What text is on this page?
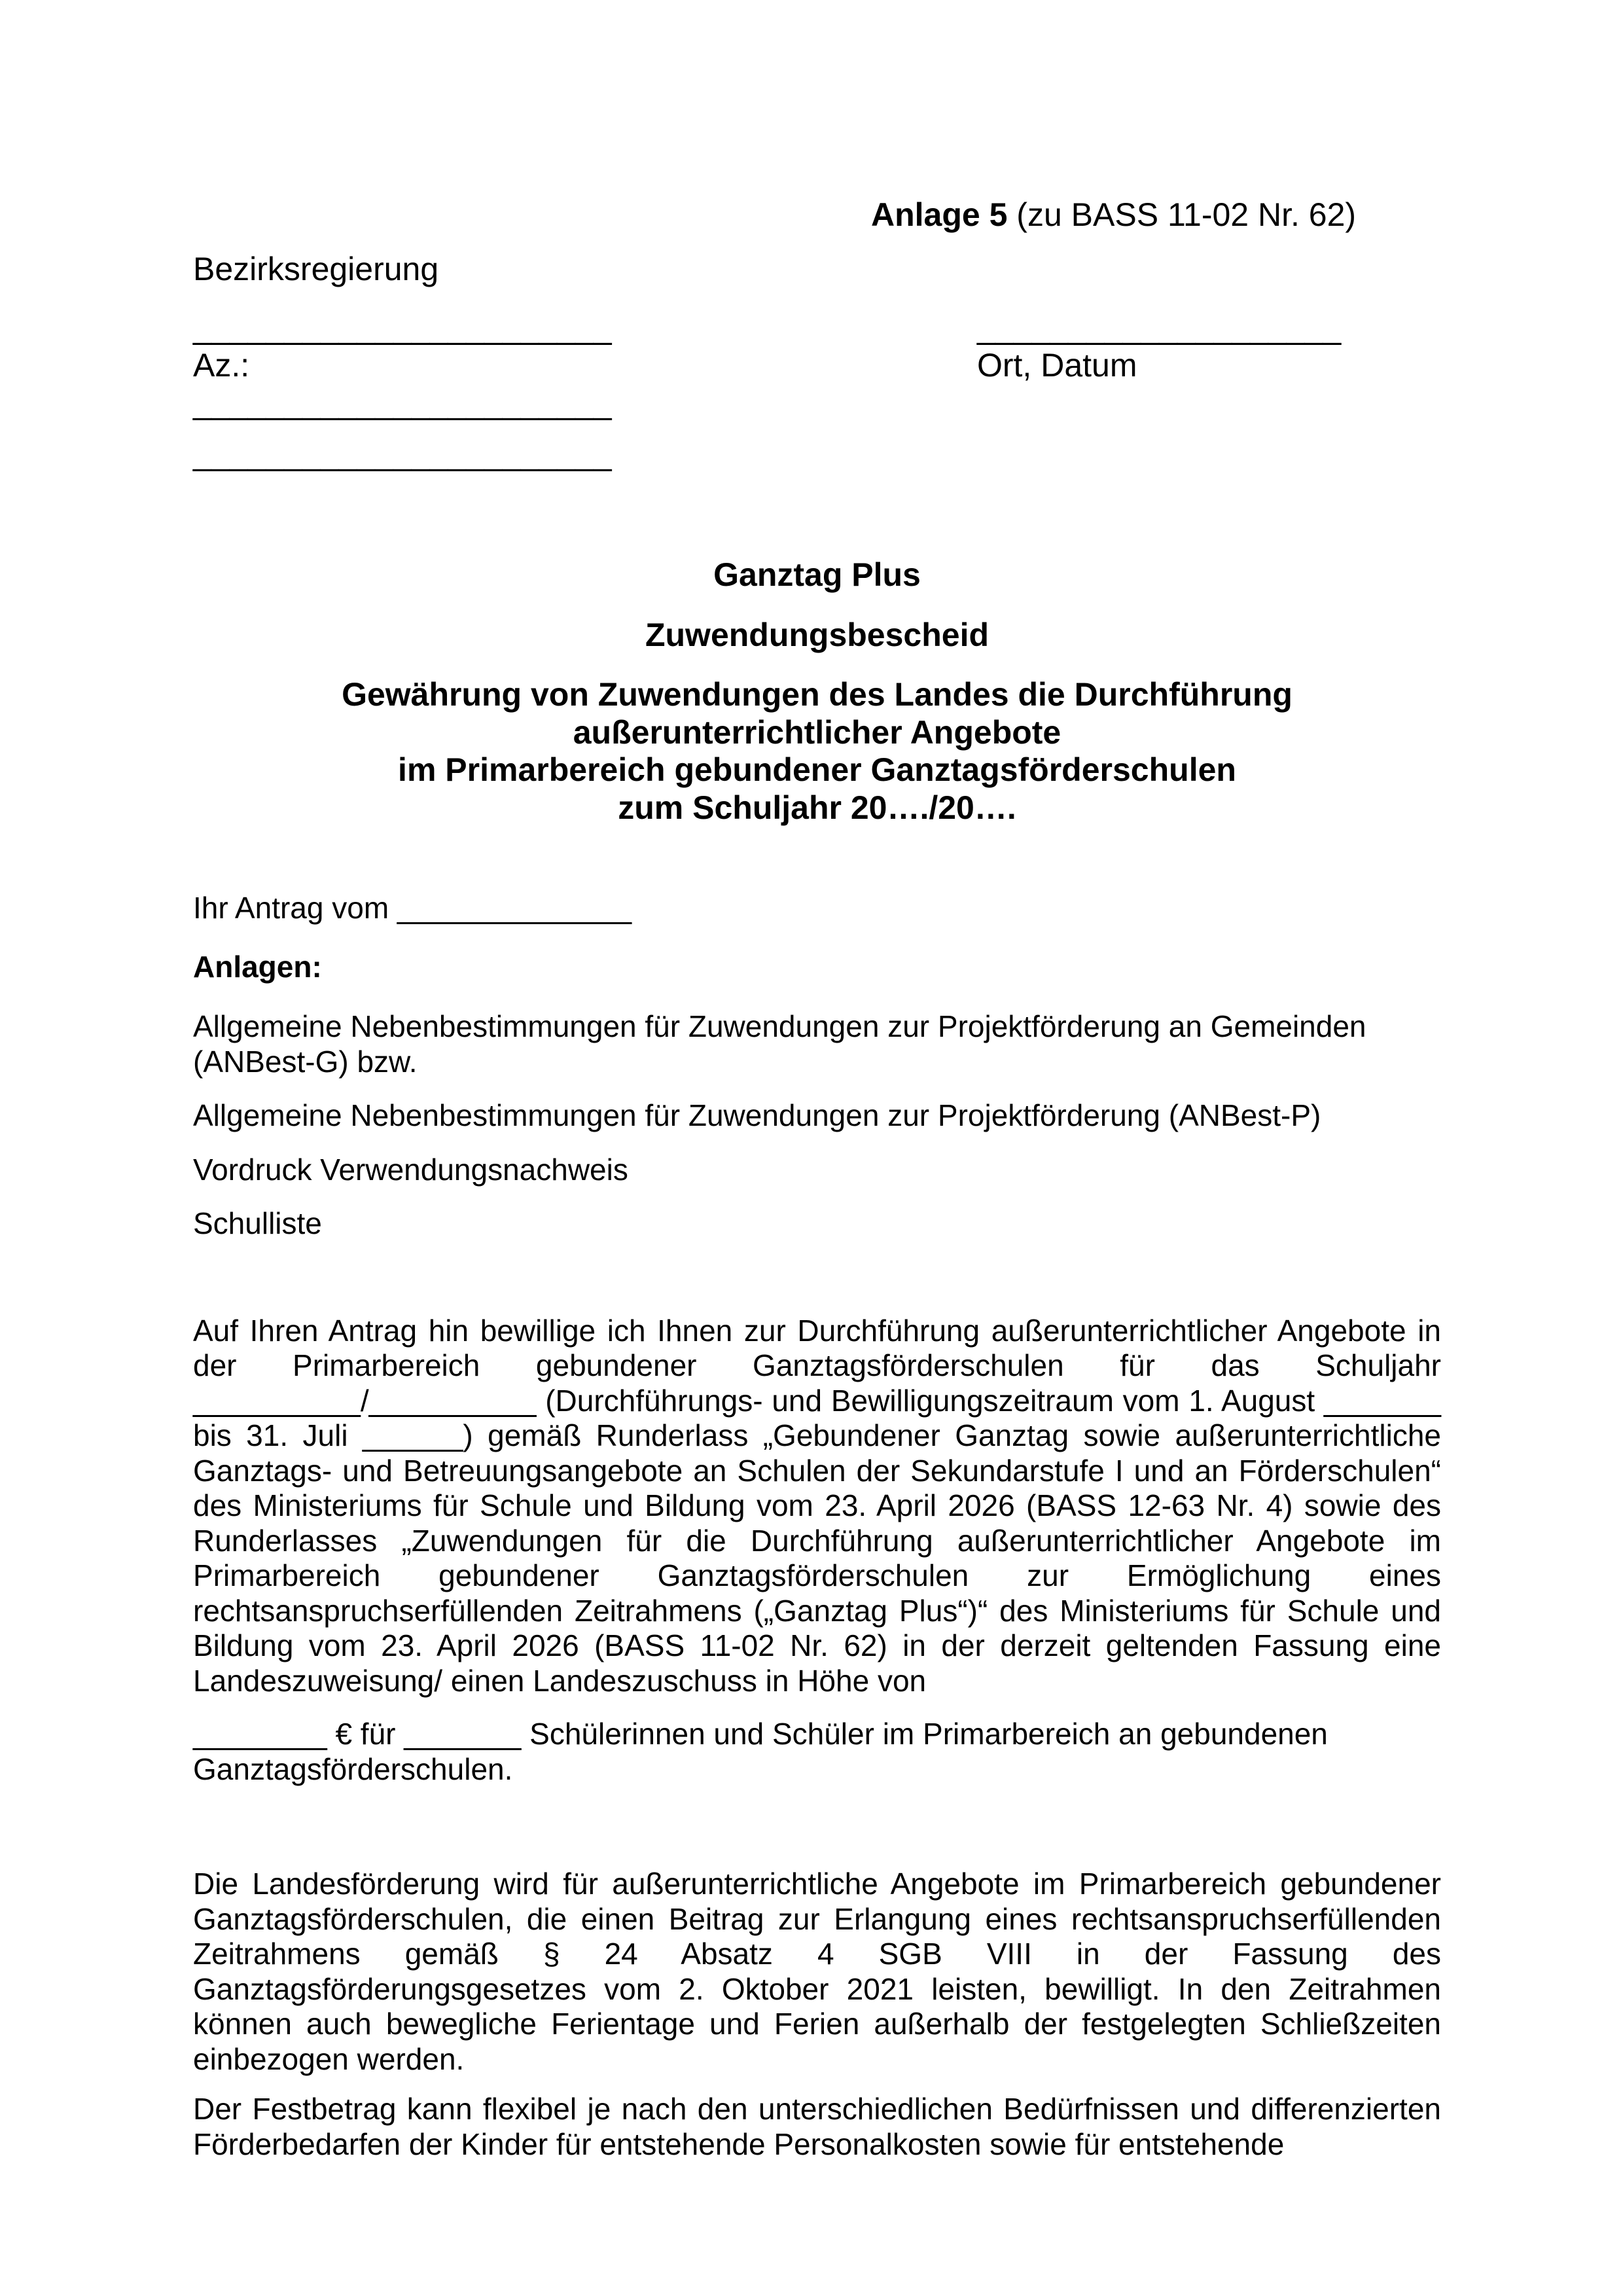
Anlage 5 (zu BASS 11-02 Nr. 62)

Bezirksregierung

_______________________	____________________
Az.:	Ort, Datum
_______________________
_______________________

Ganztag Plus

Zuwendungsbescheid

Gewährung von Zuwendungen des Landes die Durchführung
außerunterrichtlicher Angebote
im Primarbereich gebundener Ganztagsförderschulen
zum Schuljahr 20…./20….

Ihr Antrag vom ______________

Anlagen:

Allgemeine Nebenbestimmungen für Zuwendungen zur Projektförderung an Gemeinden (ANBest-G) bzw.

Allgemeine Nebenbestimmungen für Zuwendungen zur Projektförderung (ANBest-P)

Vordruck Verwendungsnachweis

Schulliste

Auf Ihren Antrag hin bewillige ich Ihnen zur Durchführung außerunterrichtlicher Angebote in der Primarbereich gebundener Ganztagsförderschulen für das Schuljahr __________/__________ (Durchführungs- und Bewilligungszeitraum vom 1. August _______ bis 31. Juli ______) gemäß Runderlass „Gebundener Ganztag sowie außerunterrichtliche Ganztags- und Betreuungsangebote an Schulen der Sekundarstufe I und an Förderschulen“ des Ministeriums für Schule und Bildung vom 23. April 2026 (BASS 12-63 Nr. 4) sowie des Runderlasses „Zuwendungen für die Durchführung außerunterrichtlicher Angebote im Primarbereich gebundener Ganztagsförderschulen zur Ermöglichung eines rechtsanspruchserfüllenden Zeitrahmens („Ganztag Plus“)“ des Ministeriums für Schule und Bildung vom 23. April 2026 (BASS 11-02 Nr. 62) in der derzeit geltenden Fassung eine Landeszuweisung/ einen Landeszuschuss in Höhe von

________ € für _______ Schülerinnen und Schüler im Primarbereich an gebundenen Ganztagsförderschulen.

Die Landesförderung wird für außerunterrichtliche Angebote im Primarbereich gebundener Ganztagsförderschulen, die einen Beitrag zur Erlangung eines rechtsanspruchserfüllenden Zeitrahmens gemäß § 24 Absatz 4 SGB VIII in der Fassung des Ganztagsförderungsgesetzes vom 2. Oktober 2021 leisten, bewilligt. In den Zeitrahmen können auch bewegliche Ferientage und Ferien außerhalb der festgelegten Schließzeiten einbezogen werden.

Der Festbetrag kann flexibel je nach den unterschiedlichen Bedürfnissen und differenzierten Förderbedarfen der Kinder für entstehende Personalkosten sowie für entstehende
